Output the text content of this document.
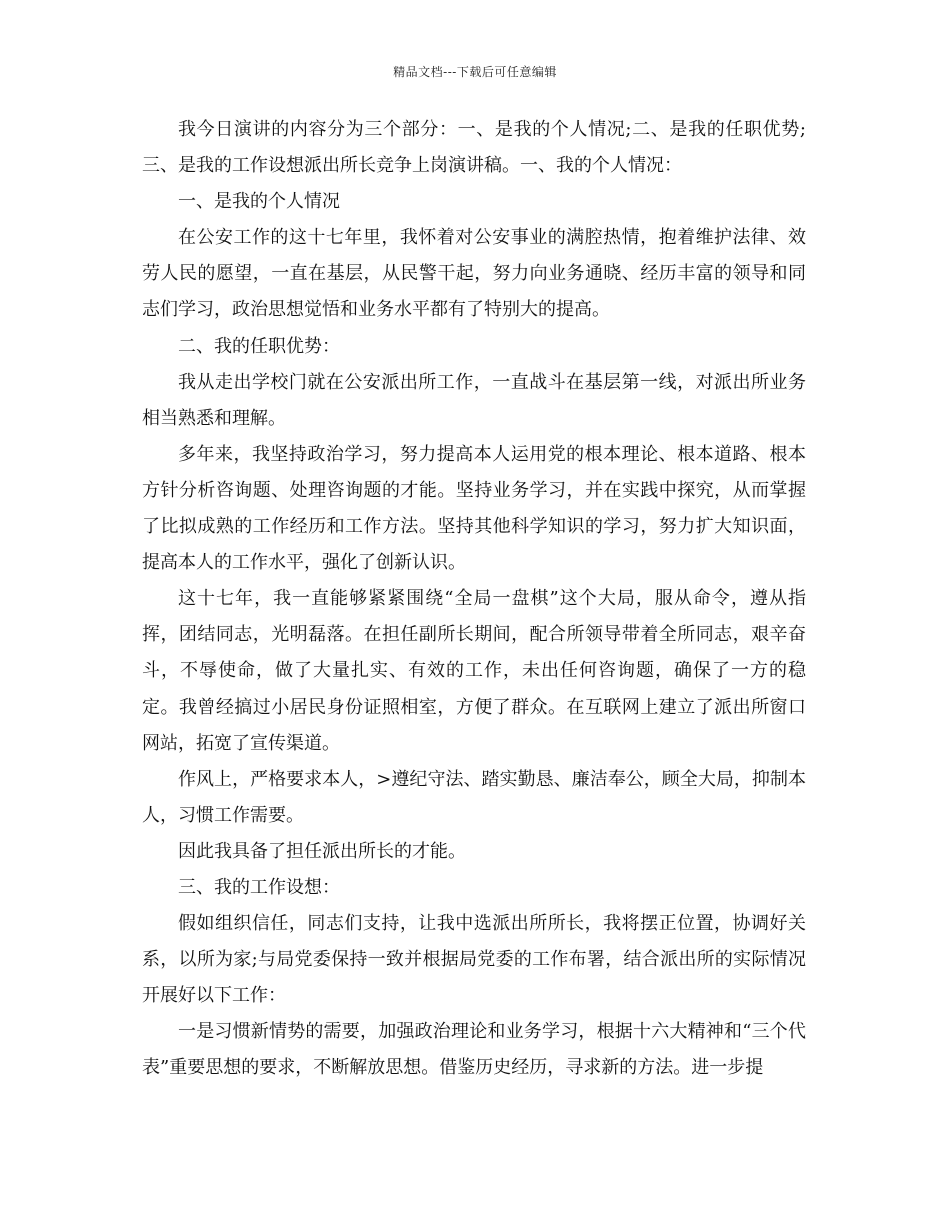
精品文档---下载后可任意编辑

我今日演讲的内容分为三个部分：一、是我的个人情况;二、是我的任职优势;三、是我的工作设想派出所长竞争上岗演讲稿。一、我的个人情况：

一、是我的个人情况

在公安工作的这十七年里，我怀着对公安事业的满腔热情，抱着维护法律、效劳人民的愿望，一直在基层，从民警干起，努力向业务通晓、经历丰富的领导和同志们学习，政治思想觉悟和业务水平都有了特别大的提高。

二、我的任职优势：

我从走出学校门就在公安派出所工作，一直战斗在基层第一线，对派出所业务相当熟悉和理解。

多年来，我坚持政治学习，努力提高本人运用党的根本理论、根本道路、根本方针分析咨询题、处理咨询题的才能。坚持业务学习，并在实践中探究，从而掌握了比拟成熟的工作经历和工作方法。坚持其他科学知识的学习，努力扩大知识面，提高本人的工作水平，强化了创新认识。

这十七年，我一直能够紧紧围绕“全局一盘棋”这个大局，服从命令，遵从指挥，团结同志，光明磊落。在担任副所长期间，配合所领导带着全所同志，艰辛奋斗，不辱使命，做了大量扎实、有效的工作，未出任何咨询题，确保了一方的稳定。我曾经搞过小居民身份证照相室，方便了群众。在互联网上建立了派出所窗口网站，拓宽了宣传渠道。

作风上，严格要求本人，>遵纪守法、踏实勤恳、廉洁奉公，顾全大局，抑制本人，习惯工作需要。

因此我具备了担任派出所长的才能。

三、我的工作设想：

假如组织信任，同志们支持，让我中选派出所所长，我将摆正位置，协调好关系，以所为家;与局党委保持一致并根据局党委的工作布署，结合派出所的实际情况开展好以下工作：

一是习惯新情势的需要，加强政治理论和业务学习，根据十六大精神和“三个代表”重要思想的要求，不断解放思想。借鉴历史经历，寻求新的方法。进一步提
